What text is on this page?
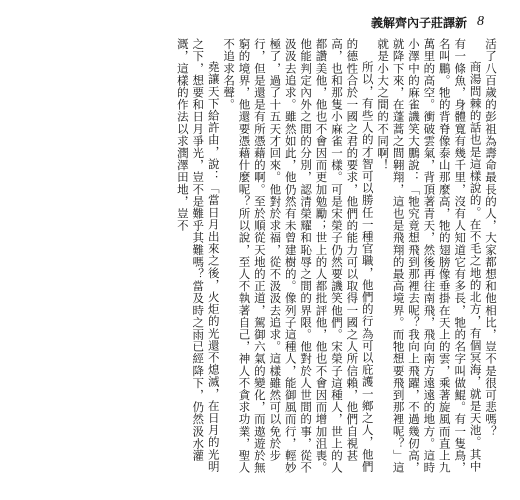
義解齊內子莊譯新 8

活了八百歲的彭祖為壽命最長的人，大家都想和他相比，豈不是很可悲嗎？

商湯問棘的話也是這樣說的。在不毛之地的北方，有個冥海，就是天池。其中有一條魚，身體寬有幾千里，沒有人知道它有多長，牠的名字叫做鯤。有一隻鳥，名叫鵬。牠的背脊像泰山那麼高，牠的翅膀像垂掛在天上的雲，乘著旋風而直上九萬里的高空。衝破雲氣，背頂著青天，然後再往南飛，飛向南方遠遠的地方。這時小澤中的麻雀譏笑大鵬說：「牠究竟想飛到那裡去呢？我向上飛躍，不過幾仞高，就降下來，在蓬蒿之間翱翔，這也是飛翔的最高境界。而牠想要飛到那裡呢？」這就是小大之間的不同啊！

所以，有些人的才智可以勝任一種官職，他們的行為可以庇護一鄉之人，他們的德性合於一國之君的要求，他們的能力可以取得一國之人所信賴，他們自視甚高，也和那隻小麻雀一樣。可是宋榮子仍然要譏笑他們。宋榮子這種人，世上的人都讚美他，他也不會因而更加勉勵；世上的人都批評他，他也不會因而增加沮喪。他能判定內外之間的分別，認清榮耀和恥辱之間的界限。他對於人世間的事，從不汲汲去追求。雖然如此，他仍然有未曾建樹的。像列子這種人，能御風而行，輕妙極了，過了十五天才回來。他對於求福，從不汲汲去追求。這樣雖然可以免於步行，但是還是有所憑藉的啊。至於順從天地的正道，駕御六氣的變化，而遨遊於無窮的境界，他還要憑藉什麼呢？所以說，至人不執著自己，神人不貪求功業，聖人不追求名聲。

堯讓天下給許由，說：「當日月出來之後，火炬的光還不熄滅，在日月的光明之下，想要和日月爭光，豈不是難乎其難嗎？當及時之雨已經降下，仍然汲水灌溉，這樣的作法以求潤澤田地，豈不
